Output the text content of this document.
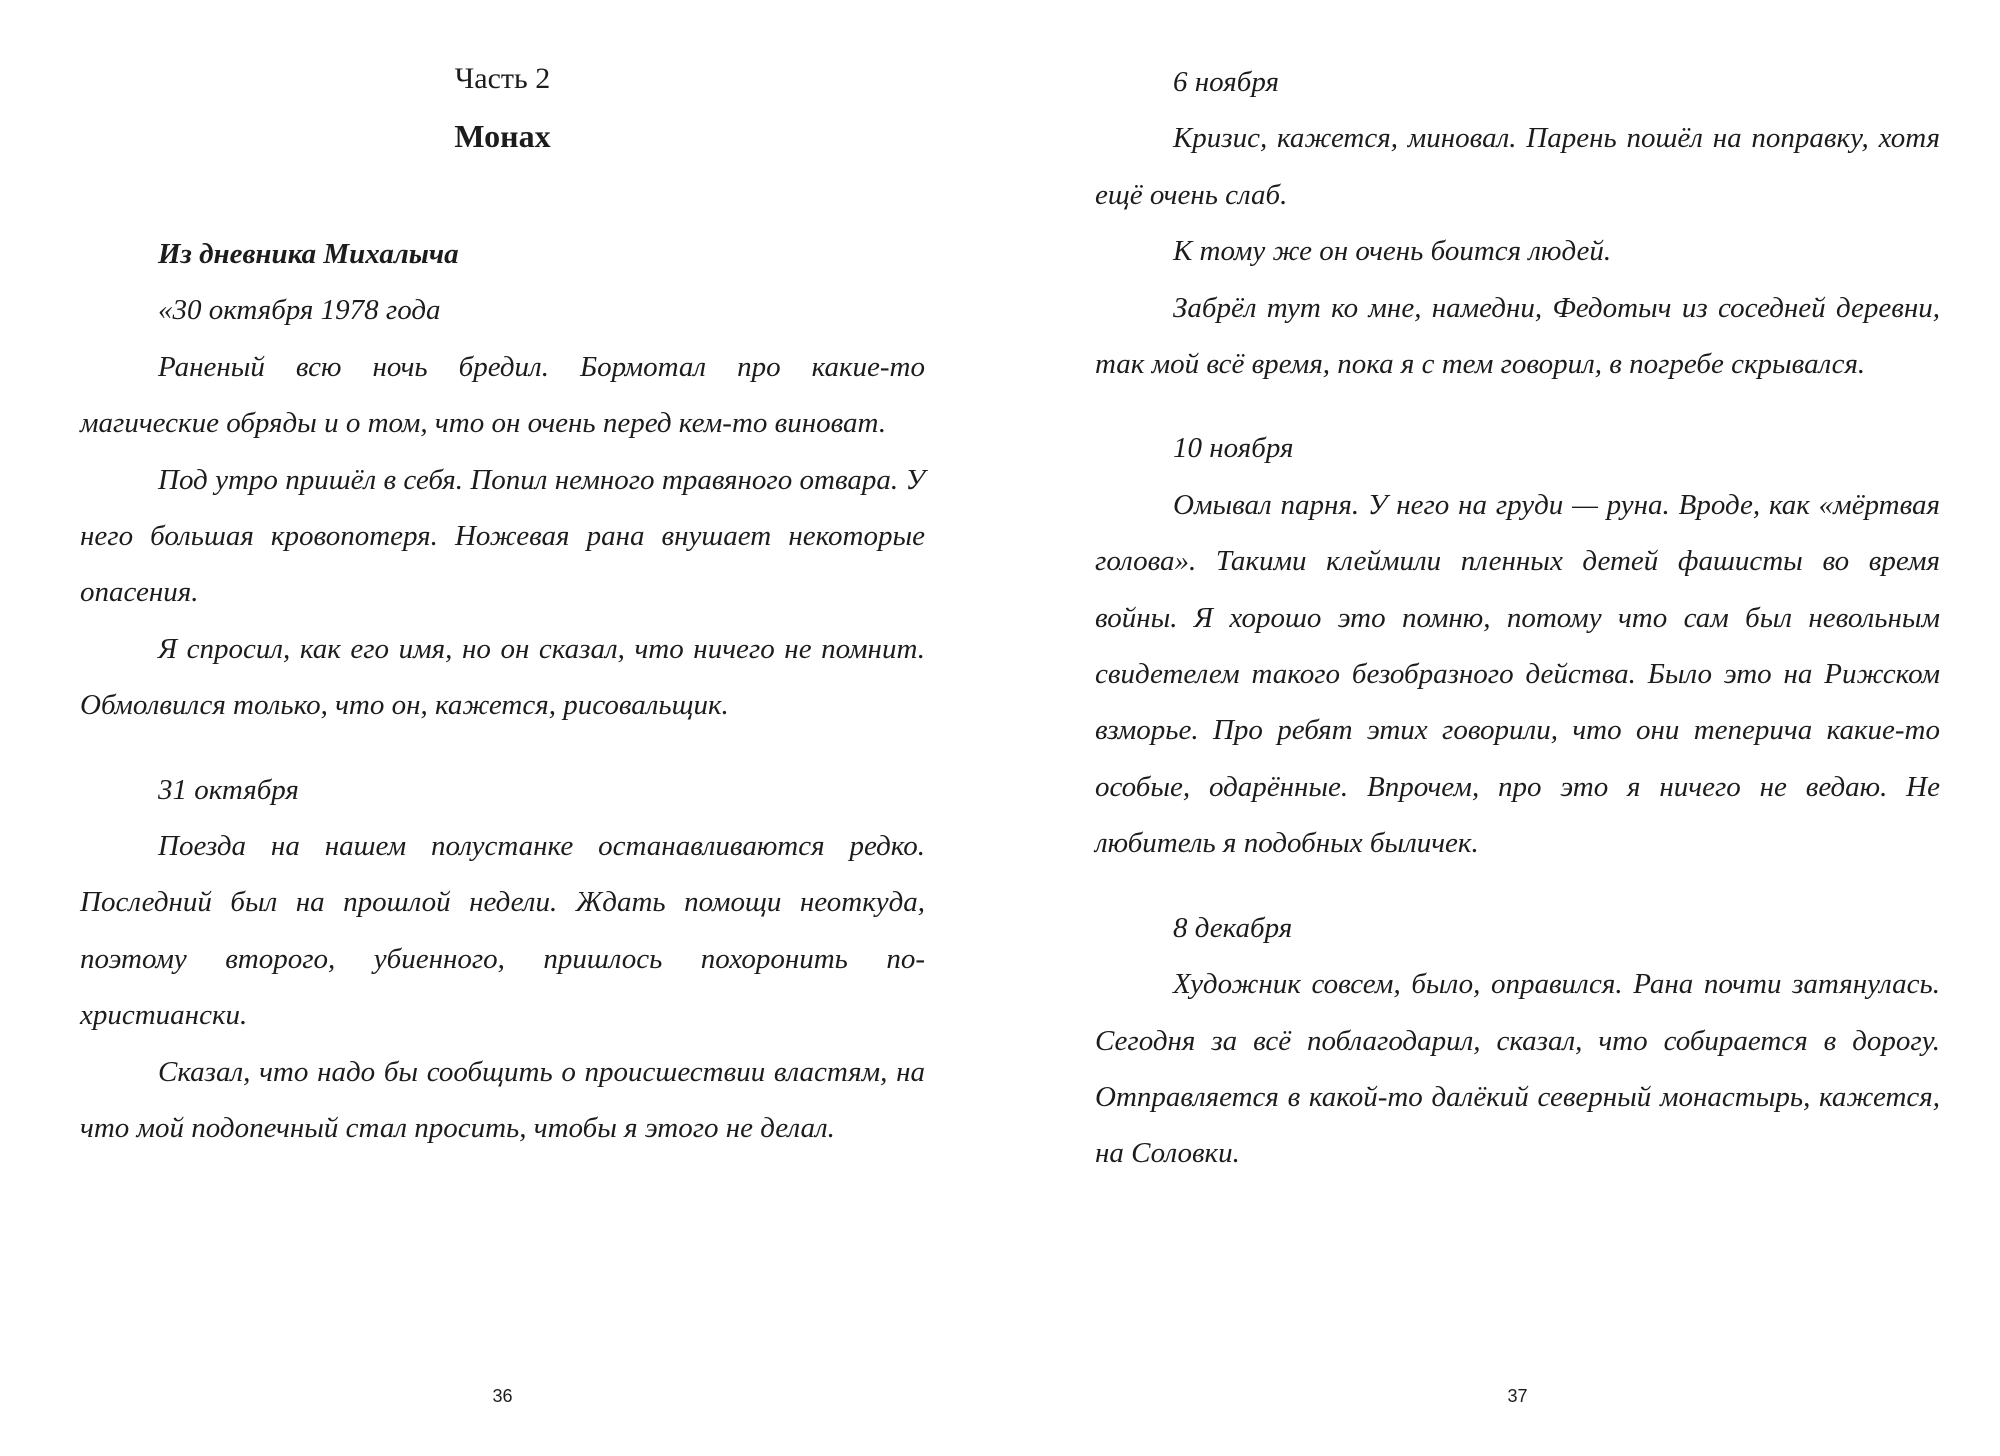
Часть 2
Монах

Из дневника Михалыча

«30 октября 1978 года

Раненый всю ночь бредил. Бормотал про какие-то магические обряды и о том, что он очень перед кем-то виноват.

Под утро пришёл в себя. Попил немного травяного отвара. У него большая кровопотеря. Ножевая рана внушает некоторые опасения.

Я спросил, как его имя, но он сказал, что ничего не помнит. Обмолвился только, что он, кажется, рисовальщик.

31 октября

Поезда на нашем полустанке останавливаются редко. Последний был на прошлой недели. Ждать помощи неоткуда, поэтому второго, убиенного, пришлось похоронить по-христиански.

Сказал, что надо бы сообщить о происшествии властям, на что мой подопечный стал просить, чтобы я этого не делал.

36

6 ноября

Кризис, кажется, миновал. Парень пошёл на поправку, хотя ещё очень слаб.

К тому же он очень боится людей.

Забрёл тут ко мне, намедни, Федотыч из соседней деревни, так мой всё время, пока я с тем говорил, в погребе скрывался.

10 ноября

Омывал парня. У него на груди — руна. Вроде, как «мёртвая голова». Такими клеймили пленных детей фашисты во время войны. Я хорошо это помню, потому что сам был невольным свидетелем такого безобразного действа. Было это на Рижском взморье. Про ребят этих говорили, что они теперича какие-то особые, одарённые. Впрочем, про это я ничего не ведаю. Не любитель я подобных быличек.

8 декабря

Художник совсем, было, оправился. Рана почти затянулась. Сегодня за всё поблагодарил, сказал, что собирается в дорогу. Отправляется в какой-то далёкий северный монастырь, кажется, на Соловки.

37
